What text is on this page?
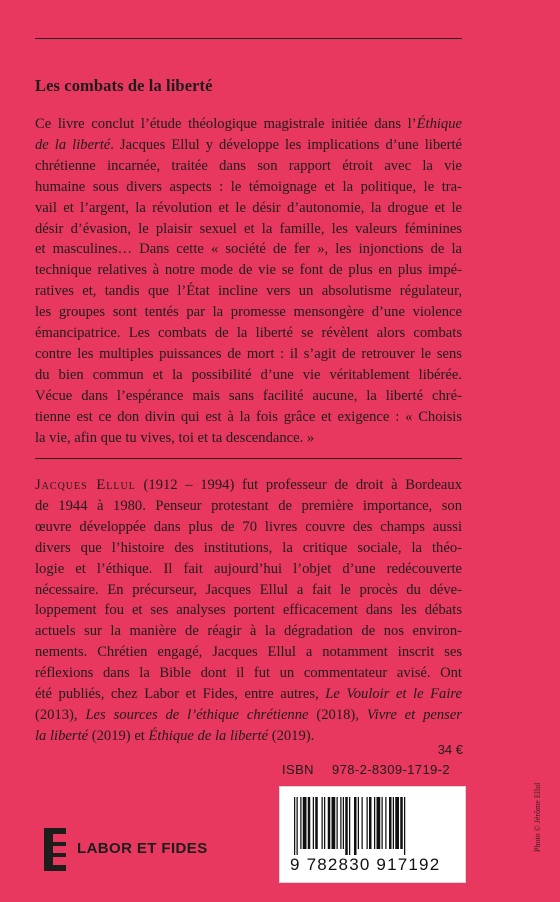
Les combats de la liberté
Ce livre conclut l’étude théologique magistrale initiée dans l’Éthique
de la liberté. Jacques Ellul y développe les implications d’une liberté
chrétienne incarnée, traitée dans son rapport étroit avec la vie
humaine sous divers aspects : le témoignage et la politique, le tra-
vail et l’argent, la révolution et le désir d’autonomie, la drogue et le
désir d’évasion, le plaisir sexuel et la famille, les valeurs féminines
et masculines… Dans cette « société de fer », les injonctions de la
technique relatives à notre mode de vie se font de plus en plus impé-
ratives et, tandis que l’État incline vers un absolutisme régulateur,
les groupes sont tentés par la promesse mensongère d’une violence
émancipatrice. Les combats de la liberté se révèlent alors combats
contre les multiples puissances de mort : il s’agit de retrouver le sens
du bien commun et la possibilité d’une vie véritablement libérée.
Vécue dans l’espérance mais sans facilité aucune, la liberté chré-
tienne est ce don divin qui est à la fois grâce et exigence : « Choisis
la vie, afin que tu vives, toi et ta descendance. »
Jacques Ellul (1912 – 1994) fut professeur de droit à Bordeaux
de 1944 à 1980. Penseur protestant de première importance, son
œuvre développée dans plus de 70 livres couvre des champs aussi
divers que l’histoire des institutions, la critique sociale, la théo-
logie et l’éthique. Il fait aujourd’hui l’objet d’une redécouverte
nécessaire. En précurseur, Jacques Ellul a fait le procès du déve-
loppement fou et ses analyses portent efficacement dans les débats
actuels sur la manière de réagir à la dégradation de nos environ-
nements. Chrétien engagé, Jacques Ellul a notamment inscrit ses
réflexions dans la Bible dont il fut un commentateur avisé. Ont
été publiés, chez Labor et Fides, entre autres, Le Vouloir et le Faire
(2013), Les sources de l’éthique chrétienne (2018), Vivre et penser
la liberté (2019) et Éthique de la liberté (2019).
34 €
ISBN 978-2-8309-1719-2
9 782830 917192
LABOR ET FIDES	Photo © Jérôme Ellul
